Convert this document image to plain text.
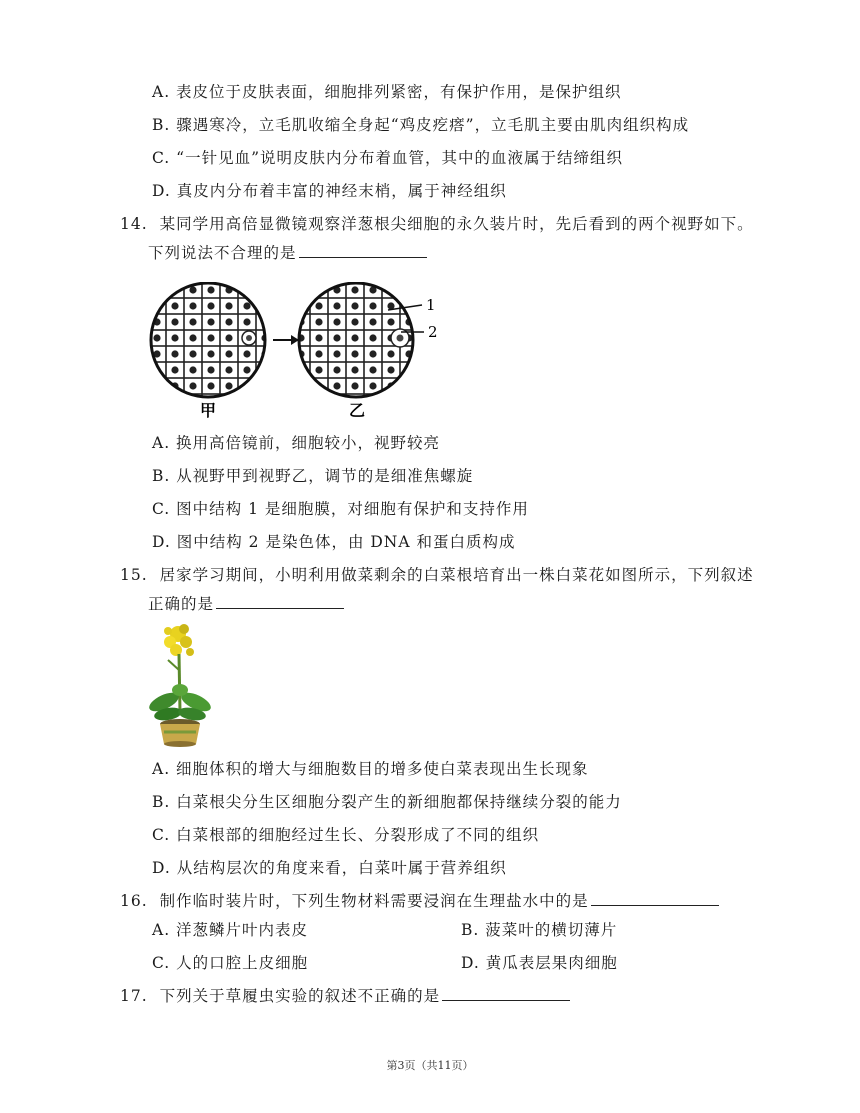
A. 表皮位于皮肤表面，细胞排列紧密，有保护作用，是保护组织
B. 骤遇寒冷，立毛肌收缩全身起“鸡皮疙瘩”，立毛肌主要由肌肉组织构成
C. “一针见血”说明皮肤内分布着血管，其中的血液属于结缔组织
D. 真皮内分布着丰富的神经末梢，属于神经组织
14. 某同学用高倍显微镜观察洋葱根尖细胞的永久装片时，先后看到的两个视野如下。
下列说法不合理的是
1
2
甲	乙
A. 换用高倍镜前，细胞较小，视野较亮
B. 从视野甲到视野乙，调节的是细准焦螺旋
C. 图中结构 1 是细胞膜，对细胞有保护和支持作用
D. 图中结构 2 是染色体，由 DNA 和蛋白质构成
15. 居家学习期间，小明利用做菜剩余的白菜根培育出一株白菜花如图所示，下列叙述
正确的是
A. 细胞体积的增大与细胞数目的增多使白菜表现出生长现象
B. 白菜根尖分生区细胞分裂产生的新细胞都保持继续分裂的能力
C. 白菜根部的细胞经过生长、分裂形成了不同的组织
D. 从结构层次的角度来看，白菜叶属于营养组织
16. 制作临时装片时，下列生物材料需要浸润在生理盐水中的是
A. 洋葱鳞片叶内表皮	B. 菠菜叶的横切薄片
C. 人的口腔上皮细胞	D. 黄瓜表层果肉细胞
17. 下列关于草履虫实验的叙述不正确的是
第3页（共11页）
